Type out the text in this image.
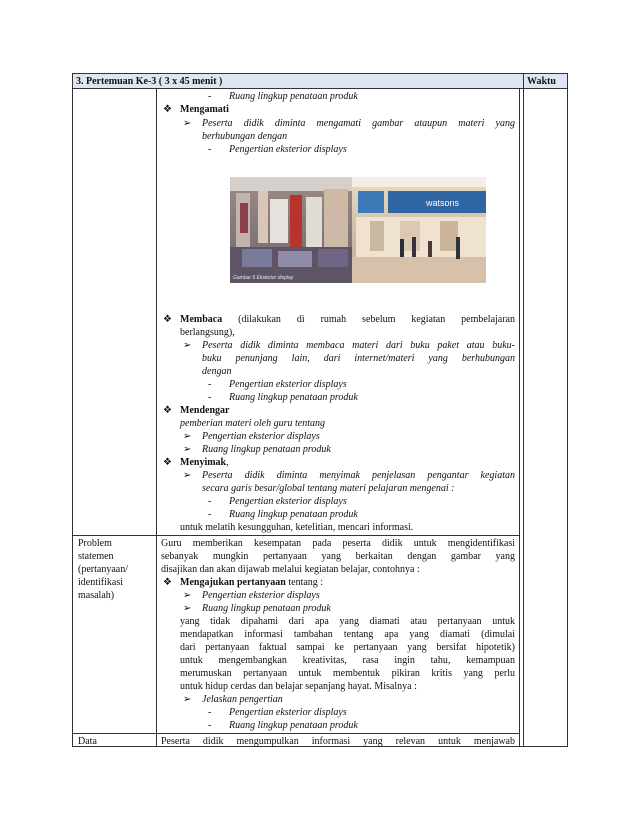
3. Pertemuan Ke-3 ( 3 x 45 menit )	Waktu
- Ruang lingkup penataan produk
❖ Mengamati
➢ Peserta didik diminta mengamati gambar ataupun materi yang
berhubungan dengan
- Pengertian eksterior displays
watsons
Gambar 6 Eksterior display
❖ Membaca (dilakukan di rumah sebelum kegiatan pembelajaran
berlangsung),
➢ Peserta didik diminta membaca materi dari buku paket atau buku-
buku penunjang lain, dari internet/materi yang berhubungan
dengan
- Pengertian eksterior displays
- Ruang lingkup penataan produk
❖ Mendengar
pemberian materi oleh guru tentang
➢ Pengertian eksterior displays
➢ Ruang lingkup penataan produk
❖ Menyimak,
➢ Peserta didik diminta menyimak penjelasan pengantar kegiatan
secara garis besar/global tentang materi pelajaran mengenai :
- Pengertian eksterior displays
- Ruang lingkup penataan produk
untuk melatih kesungguhan, ketelitian, mencari informasi.
Problem
statemen
(pertanyaan/
identifikasi
masalah)
Guru memberikan kesempatan pada peserta didik untuk mengidentifikasi
sebanyak mungkin pertanyaan yang berkaitan dengan gambar yang
disajikan dan akan dijawab melalui kegiatan belajar, contohnya :
❖ Mengajukan pertanyaan tentang :
➢ Pengertian eksterior displays
➢ Ruang lingkup penataan produk
yang tidak dipahami dari apa yang diamati atau pertanyaan untuk
mendapatkan informasi tambahan tentang apa yang diamati (dimulai
dari pertanyaan faktual sampai ke pertanyaan yang bersifat hipotetik)
untuk mengembangkan kreativitas, rasa ingin tahu, kemampuan
merumuskan pertanyaan untuk membentuk pikiran kritis yang perlu
untuk hidup cerdas dan belajar sepanjang hayat. Misalnya :
➢ Jelaskan pengertian
- Pengertian eksterior displays
- Ruang lingkup penataan produk
Data	Peserta didik mengumpulkan informasi yang relevan untuk menjawab
